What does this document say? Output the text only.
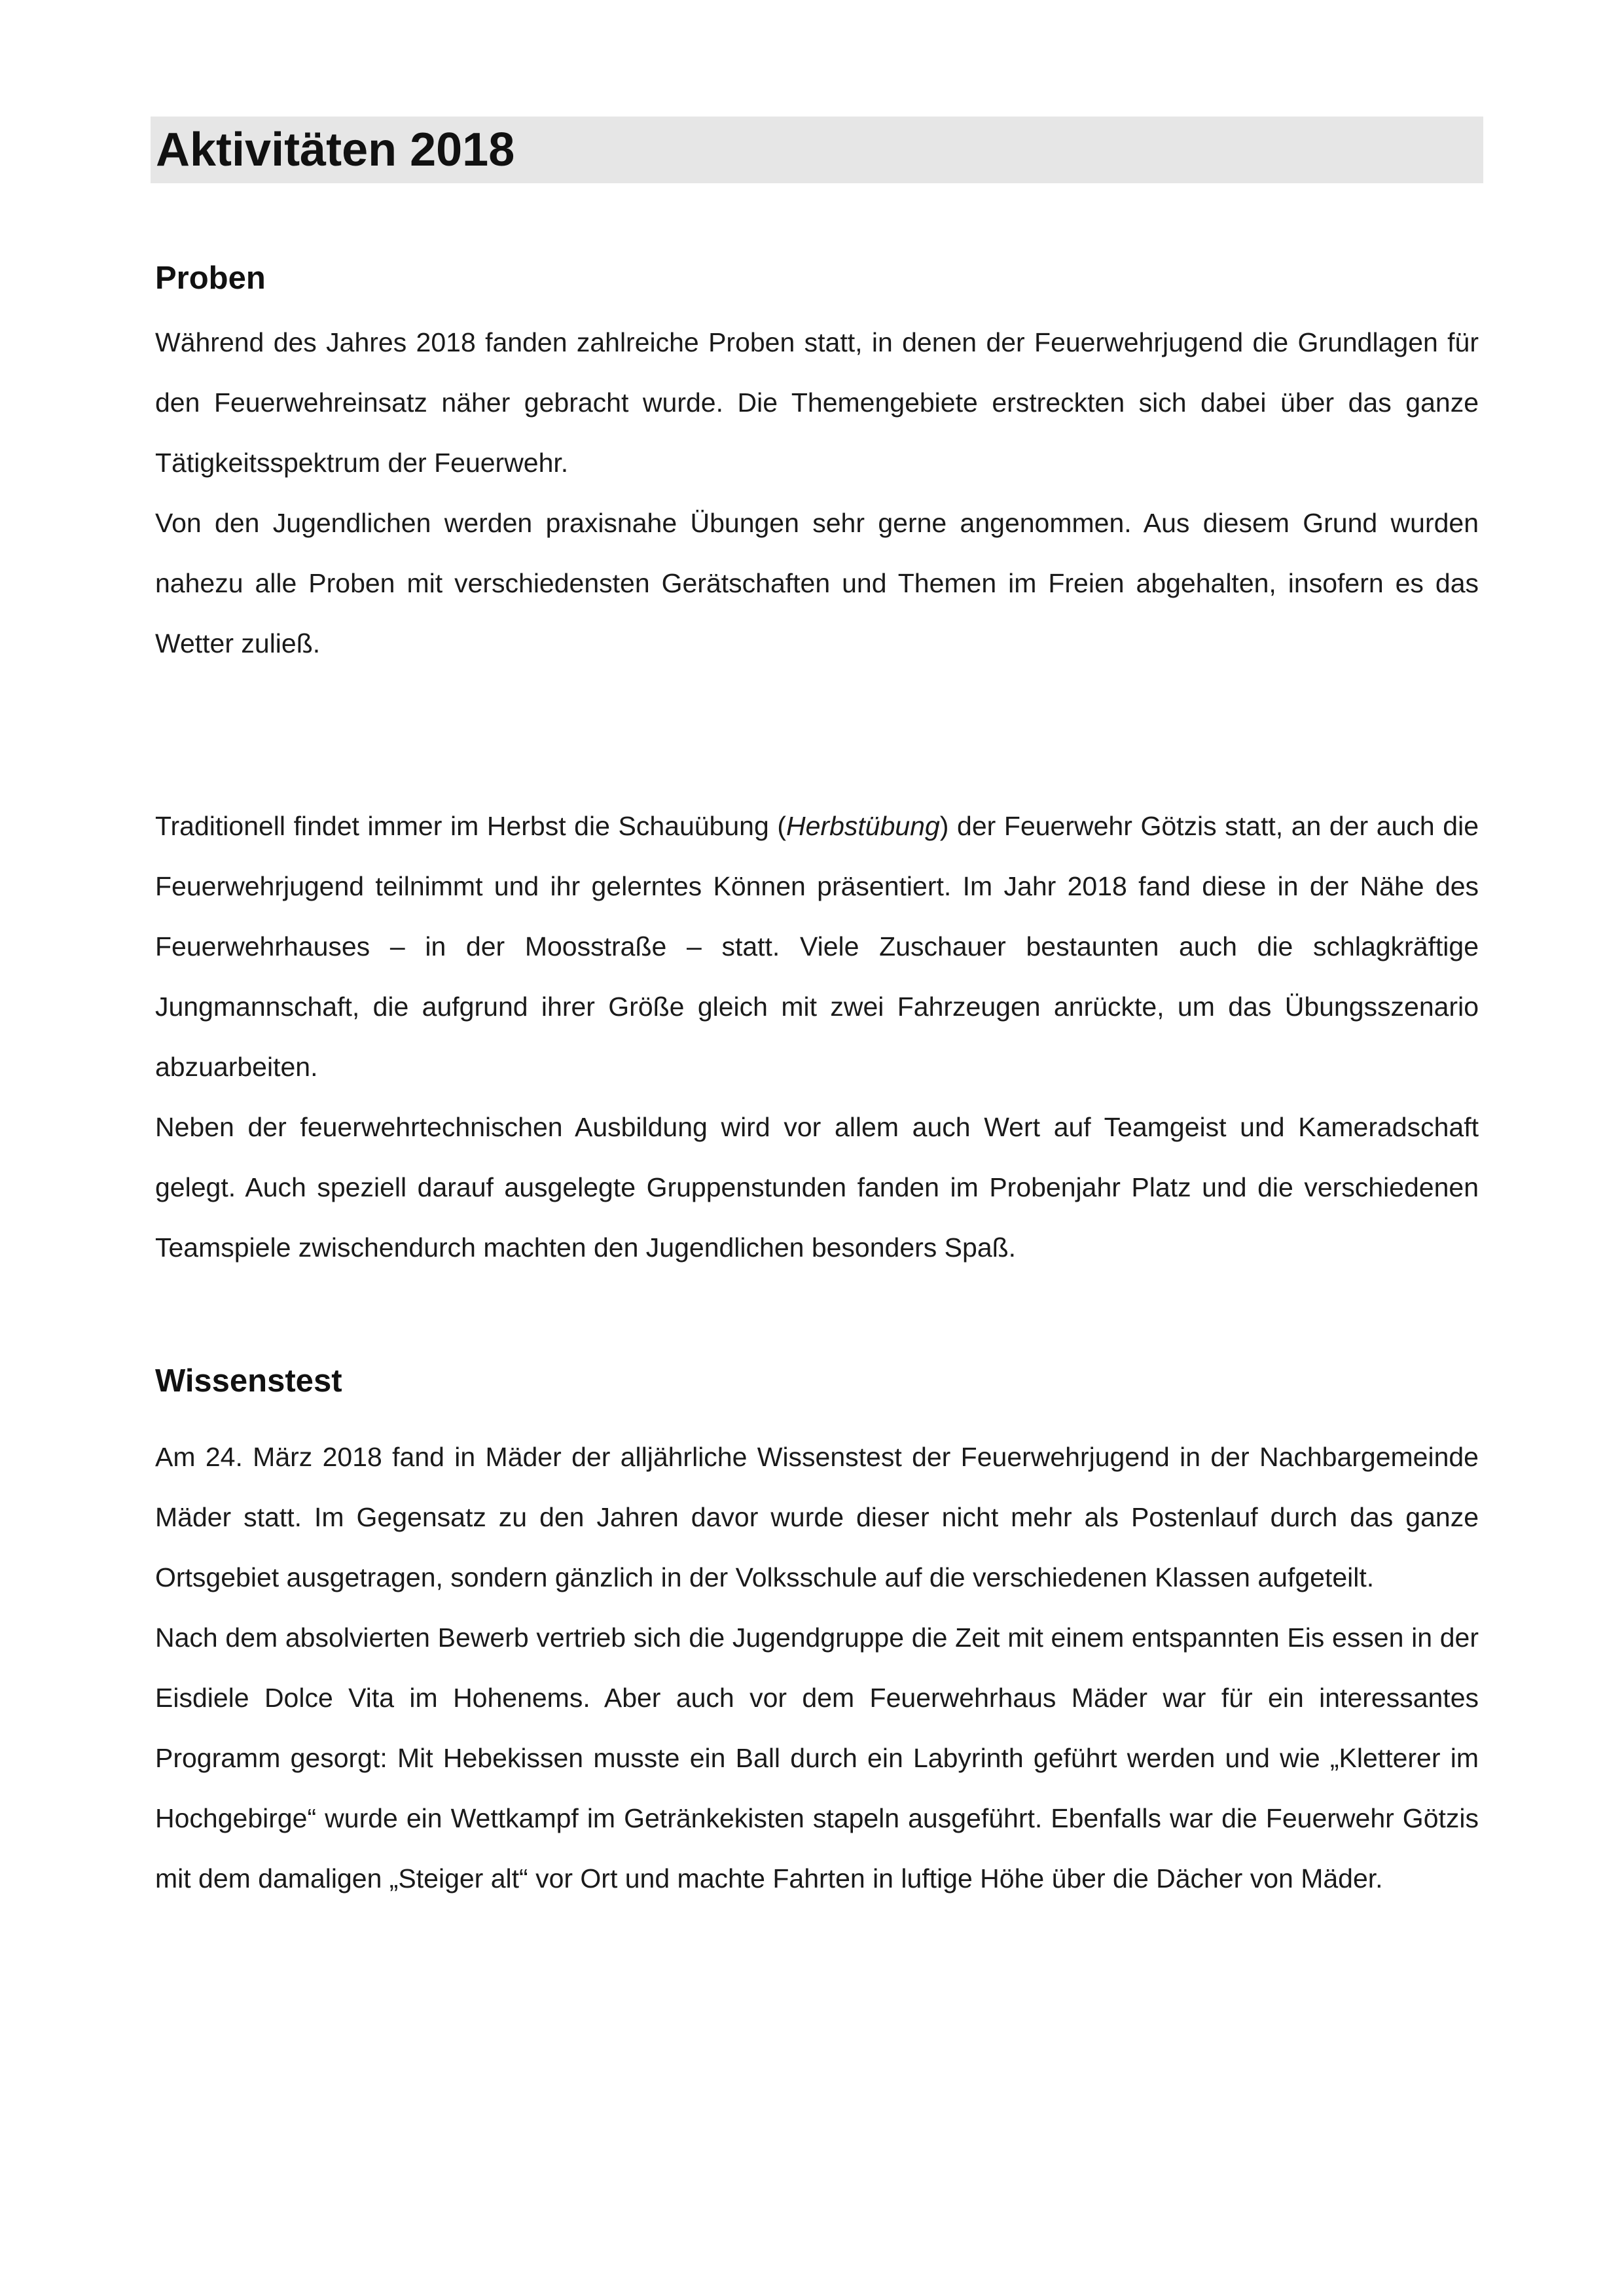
Aktivitäten 2018
Proben

Während des Jahres 2018 fanden zahlreiche Proben statt, in denen der Feuerwehrjugend die Grundlagen für den Feuerwehreinsatz näher gebracht wurde. Die Themengebiete erstreckten sich dabei über das ganze Tätigkeitsspektrum der Feuerwehr.

Von den Jugendlichen werden praxisnahe Übungen sehr gerne angenommen. Aus diesem Grund wurden nahezu alle Proben mit verschiedensten Gerätschaften und Themen im Freien abgehalten, insofern es das Wetter zuließ.

Traditionell findet immer im Herbst die Schauübung (Herbstübung) der Feuerwehr Götzis statt, an der auch die Feuerwehrjugend teilnimmt und ihr gelerntes Können präsentiert. Im Jahr 2018 fand diese in der Nähe des Feuerwehrhauses – in der Moosstraße – statt. Viele Zuschauer bestaunten auch die schlagkräftige Jungmannschaft, die aufgrund ihrer Größe gleich mit zwei Fahrzeugen anrückte, um das Übungsszenario abzuarbeiten.

Neben der feuerwehrtechnischen Ausbildung wird vor allem auch Wert auf Teamgeist und Kameradschaft gelegt. Auch speziell darauf ausgelegte Gruppenstunden fanden im Probenjahr Platz und die verschiedenen Teamspiele zwischendurch machten den Jugendlichen besonders Spaß.

Wissenstest

Am 24. März 2018 fand in Mäder der alljährliche Wissenstest der Feuerwehrjugend in der Nachbargemeinde Mäder statt. Im Gegensatz zu den Jahren davor wurde dieser nicht mehr als Postenlauf durch das ganze Ortsgebiet ausgetragen, sondern gänzlich in der Volksschule auf die verschiedenen Klassen aufgeteilt.

Nach dem absolvierten Bewerb vertrieb sich die Jugendgruppe die Zeit mit einem entspannten Eis essen in der Eisdiele Dolce Vita im Hohenems. Aber auch vor dem Feuerwehrhaus Mäder war für ein interessantes Programm gesorgt: Mit Hebekissen musste ein Ball durch ein Labyrinth geführt werden und wie „Kletterer im Hochgebirge“ wurde ein Wettkampf im Getränkekisten stapeln ausgeführt. Ebenfalls war die Feuerwehr Götzis mit dem damaligen „Steiger alt“ vor Ort und machte Fahrten in luftige Höhe über die Dächer von Mäder.
